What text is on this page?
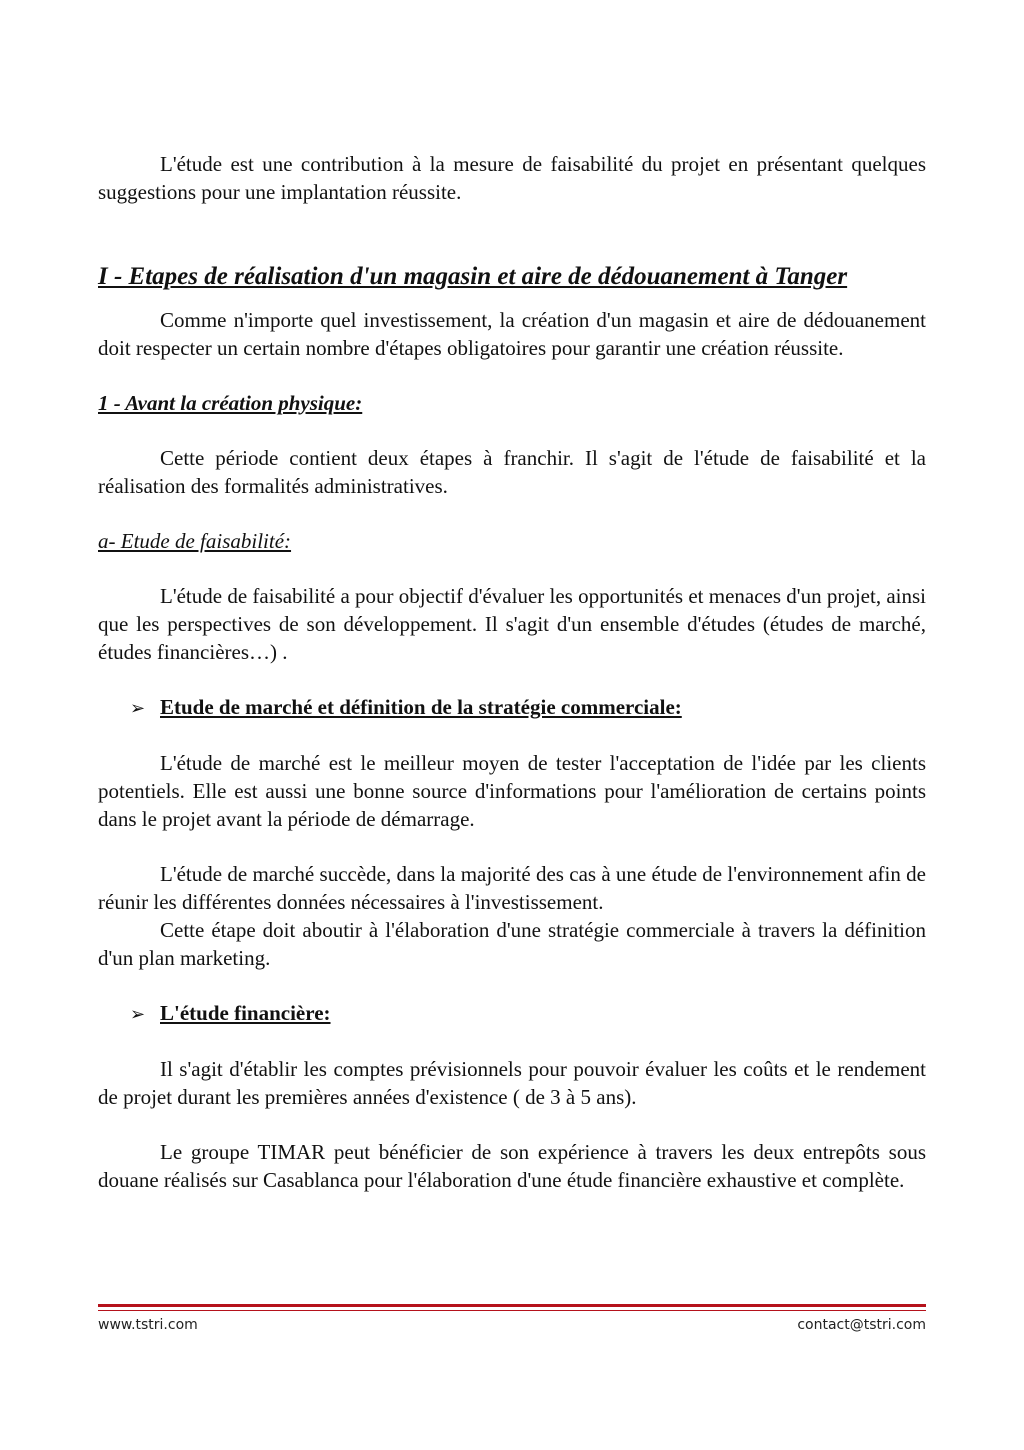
L'étude est une contribution à la mesure de faisabilité du projet en présentant quelques suggestions pour une implantation réussite.

I - Etapes de réalisation d'un magasin et aire de dédouanement à Tanger

Comme n'importe quel investissement, la création d'un magasin et aire de dédouanement doit respecter un certain nombre d'étapes obligatoires pour garantir une création réussite.

1 - Avant la création physique:

Cette période contient deux étapes à franchir. Il s'agit de l'étude de faisabilité et la réalisation des formalités administratives.

a- Etude de faisabilité:

L'étude de faisabilité a pour objectif d'évaluer les opportunités et menaces d'un projet, ainsi que les perspectives de son développement. Il s'agit d'un ensemble d'études (études de marché, études financières…) .

➢ Etude de marché et définition de la stratégie commerciale:

L'étude de marché est le meilleur moyen de tester l'acceptation de l'idée par les clients potentiels. Elle est aussi une bonne source d'informations pour l'amélioration de certains points dans le projet avant la période de démarrage.

L'étude de marché succède, dans la majorité des cas à une étude de l'environnement afin de réunir les différentes données nécessaires à l'investissement.

Cette étape doit aboutir à l'élaboration d'une stratégie commerciale à travers la définition d'un plan marketing.

➢ L'étude financière:

Il s'agit d'établir les comptes prévisionnels pour pouvoir évaluer les coûts et le rendement de projet durant les premières années d'existence ( de 3 à 5 ans).

Le groupe TIMAR peut bénéficier de son expérience à travers les deux entrepôts sous douane réalisés sur Casablanca pour l'élaboration d'une étude financière exhaustive et complète.

www.tstri.com	contact@tstri.com
